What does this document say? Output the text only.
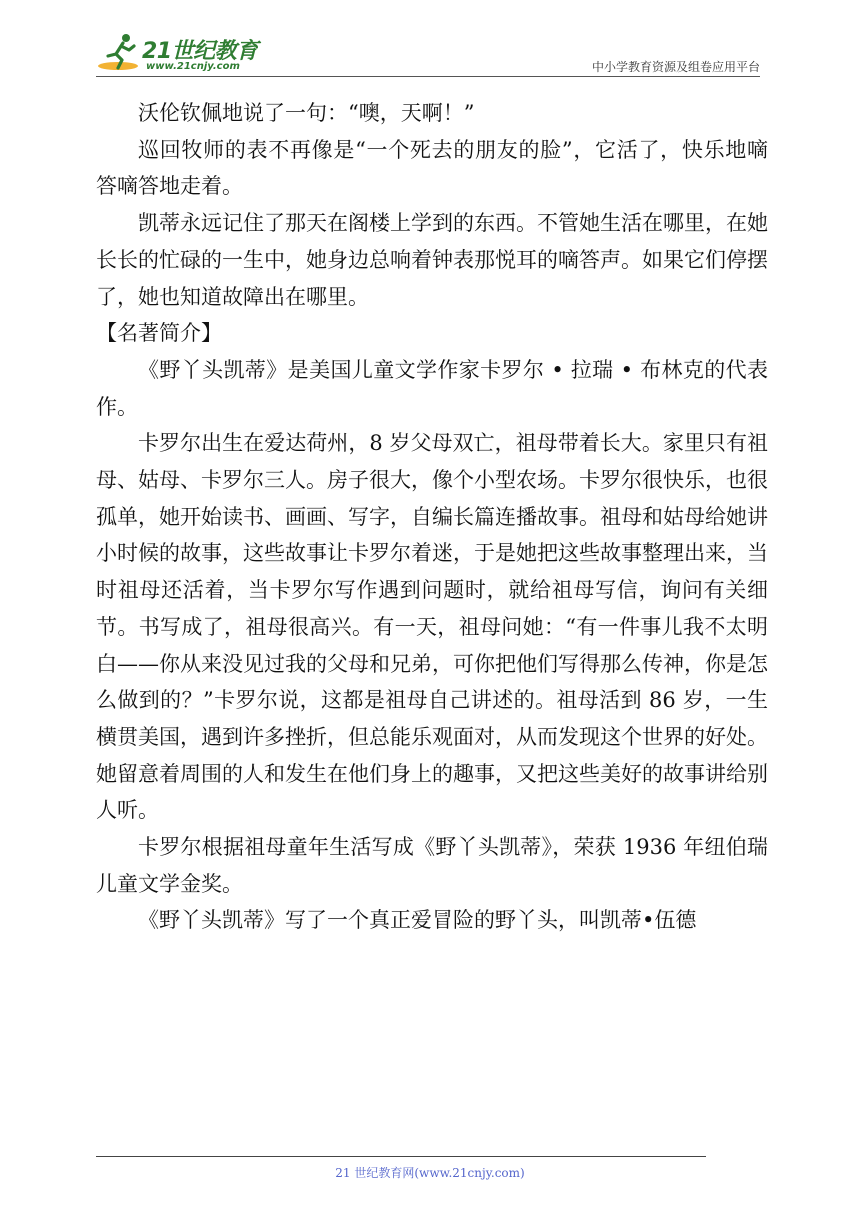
21世纪教育
www.21cnjy.com	中小学教育资源及组卷应用平台

沃伦钦佩地说了一句：“噢，天啊！”

巡回牧师的表不再像是“一个死去的朋友的脸”，它活了，快乐地嘀答嘀答地走着。

凯蒂永远记住了那天在阁楼上学到的东西。不管她生活在哪里，在她长长的忙碌的一生中，她身边总响着钟表那悦耳的嘀答声。如果它们停摆了，她也知道故障出在哪里。

【名著简介】

《野丫头凯蒂》是美国儿童文学作家卡罗尔 • 拉瑞 • 布林克的代表作。

卡罗尔出生在爱达荷州，8 岁父母双亡，祖母带着长大。家里只有祖母、姑母、卡罗尔三人。房子很大，像个小型农场。卡罗尔很快乐，也很孤单，她开始读书、画画、写字，自编长篇连播故事。祖母和姑母给她讲小时候的故事，这些故事让卡罗尔着迷，于是她把这些故事整理出来，当时祖母还活着，当卡罗尔写作遇到问题时，就给祖母写信，询问有关细节。书写成了，祖母很高兴。有一天，祖母问她：“有一件事儿我不太明白——你从来没见过我的父母和兄弟，可你把他们写得那么传神，你是怎么做到的？”卡罗尔说，这都是祖母自己讲述的。祖母活到 86 岁，一生横贯美国，遇到许多挫折，但总能乐观面对，从而发现这个世界的好处。她留意着周围的人和发生在他们身上的趣事，又把这些美好的故事讲给别人听。

卡罗尔根据祖母童年生活写成《野丫头凯蒂》，荣获 1936 年纽伯瑞儿童文学金奖。

《野丫头凯蒂》写了一个真正爱冒险的野丫头，叫凯蒂•伍德

21 世纪教育网(www.21cnjy.com)
